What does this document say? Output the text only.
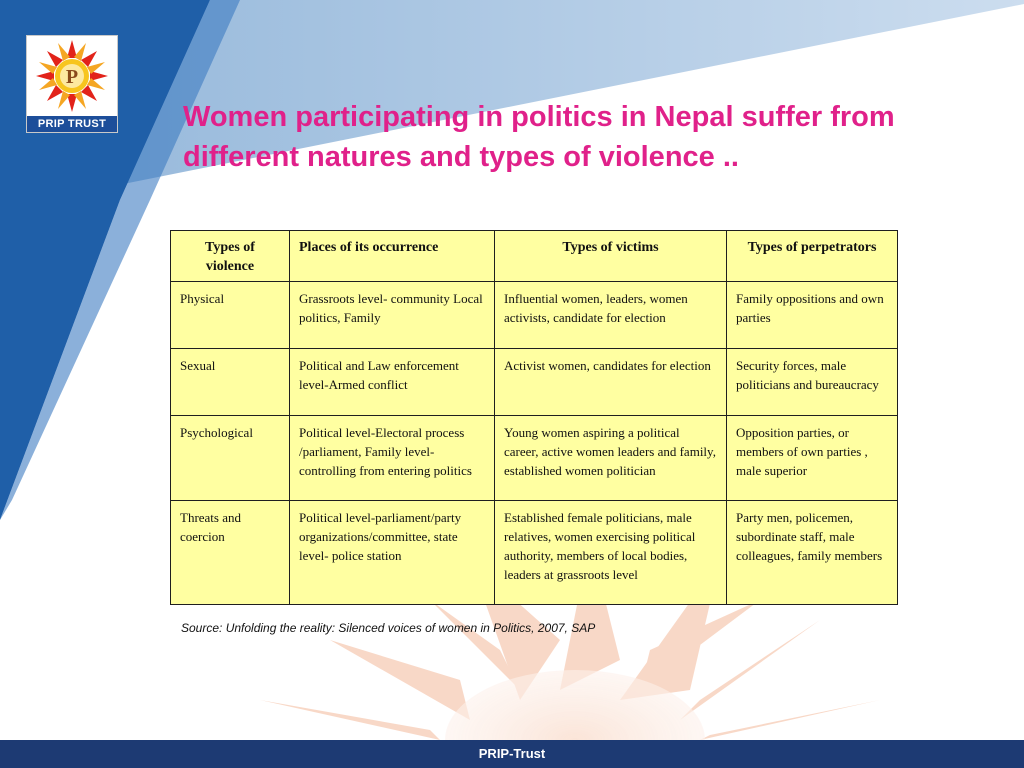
P
PRIP TRUST	Women participating in politics in Nepal suffer from different natures and types of violence ..
Types of violence	Places of its occurrence	Types of victims	Types of perpetrators
Physical	Grassroots level- community Local politics, Family	Influential women, leaders, women activists, candidate for election	Family oppositions and own parties
Sexual	Political and Law enforcement level-Armed conflict	Activist women, candidates for election	Security forces, male politicians and bureaucracy
Psychological	Political level-Electoral process /parliament, Family level-controlling from entering politics	Young women aspiring a political career, active women leaders and family, established women politician	Opposition parties, or members of own parties , male superior
Threats and coercion	Political level-parliament/party organizations/committee, state level- police station	Established female politicians, male relatives, women exercising political authority, members of local bodies, leaders at grassroots level	Party men, policemen, subordinate staff, male colleagues, family members
Source: Unfolding the reality: Silenced voices of women in Politics, 2007, SAP
PRIP-Trust
